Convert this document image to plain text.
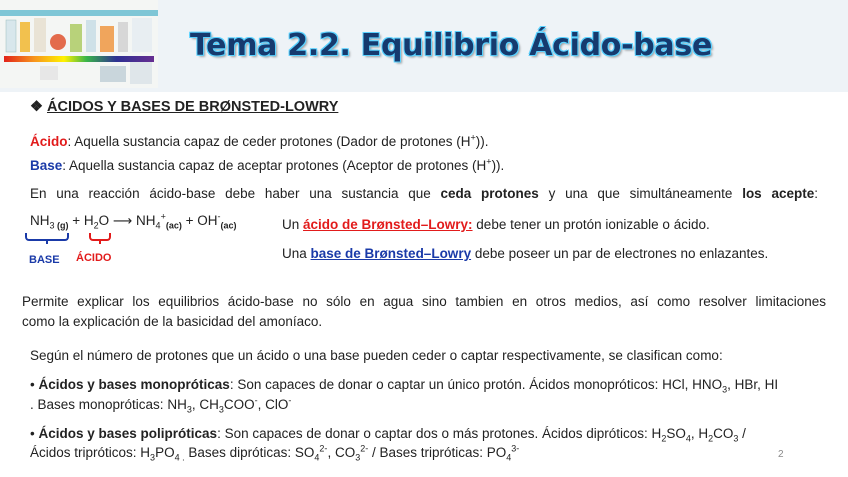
Tema 2.2. Equilibrio Ácido-base
❖ ÁCIDOS Y BASES DE BRØNSTED-LOWRY
Ácido: Aquella sustancia capaz de ceder protones (Dador de protones (H+)).
Base: Aquella sustancia capaz de aceptar protones (Aceptor de protones (H+)).
En una reacción ácido-base debe haber una sustancia que ceda protones y una que simultáneamente los acepte:
$NH_3$ $_{(g)} + H_2O$ ⟶ $NH_4^+_{(ac)} + OH^-_{(ac)}$
BASE ÁCIDO
Un ácido de Brønsted–Lowry: debe tener un protón ionizable o ácido.
Una base de Brønsted–Lowry debe poseer un par de electrones no enlazantes.
Permite explicar los equilibrios ácido-base no sólo en agua sino tambien en otros medios, así como resolver limitaciones
como la explicación de la basicidad del amoníaco.
Según el número de protones que un ácido o una base pueden ceder o captar respectivamente, se clasifican como:
• Ácidos y bases monopróticas: Son capaces de donar o captar un único protón. Ácidos monopróticos: HCl, $HNO_3$, HBr, HI
. Bases monopróticas: $NH_3$, $CH_3COO^-$, ClO-
• Ácidos y bases polipróticas: Son capaces de donar o captar dos o más protones. Ácidos dipróticos: $H_2SO_4$, $H_2CO_3$ /
Ácidos tripróticos: $H_3PO_{4 .}$ Bases dipróticas: $SO_4^{2-}$, $CO_3^{2-}$ / Bases tripróticas: $PO_4^{3-}$
2
